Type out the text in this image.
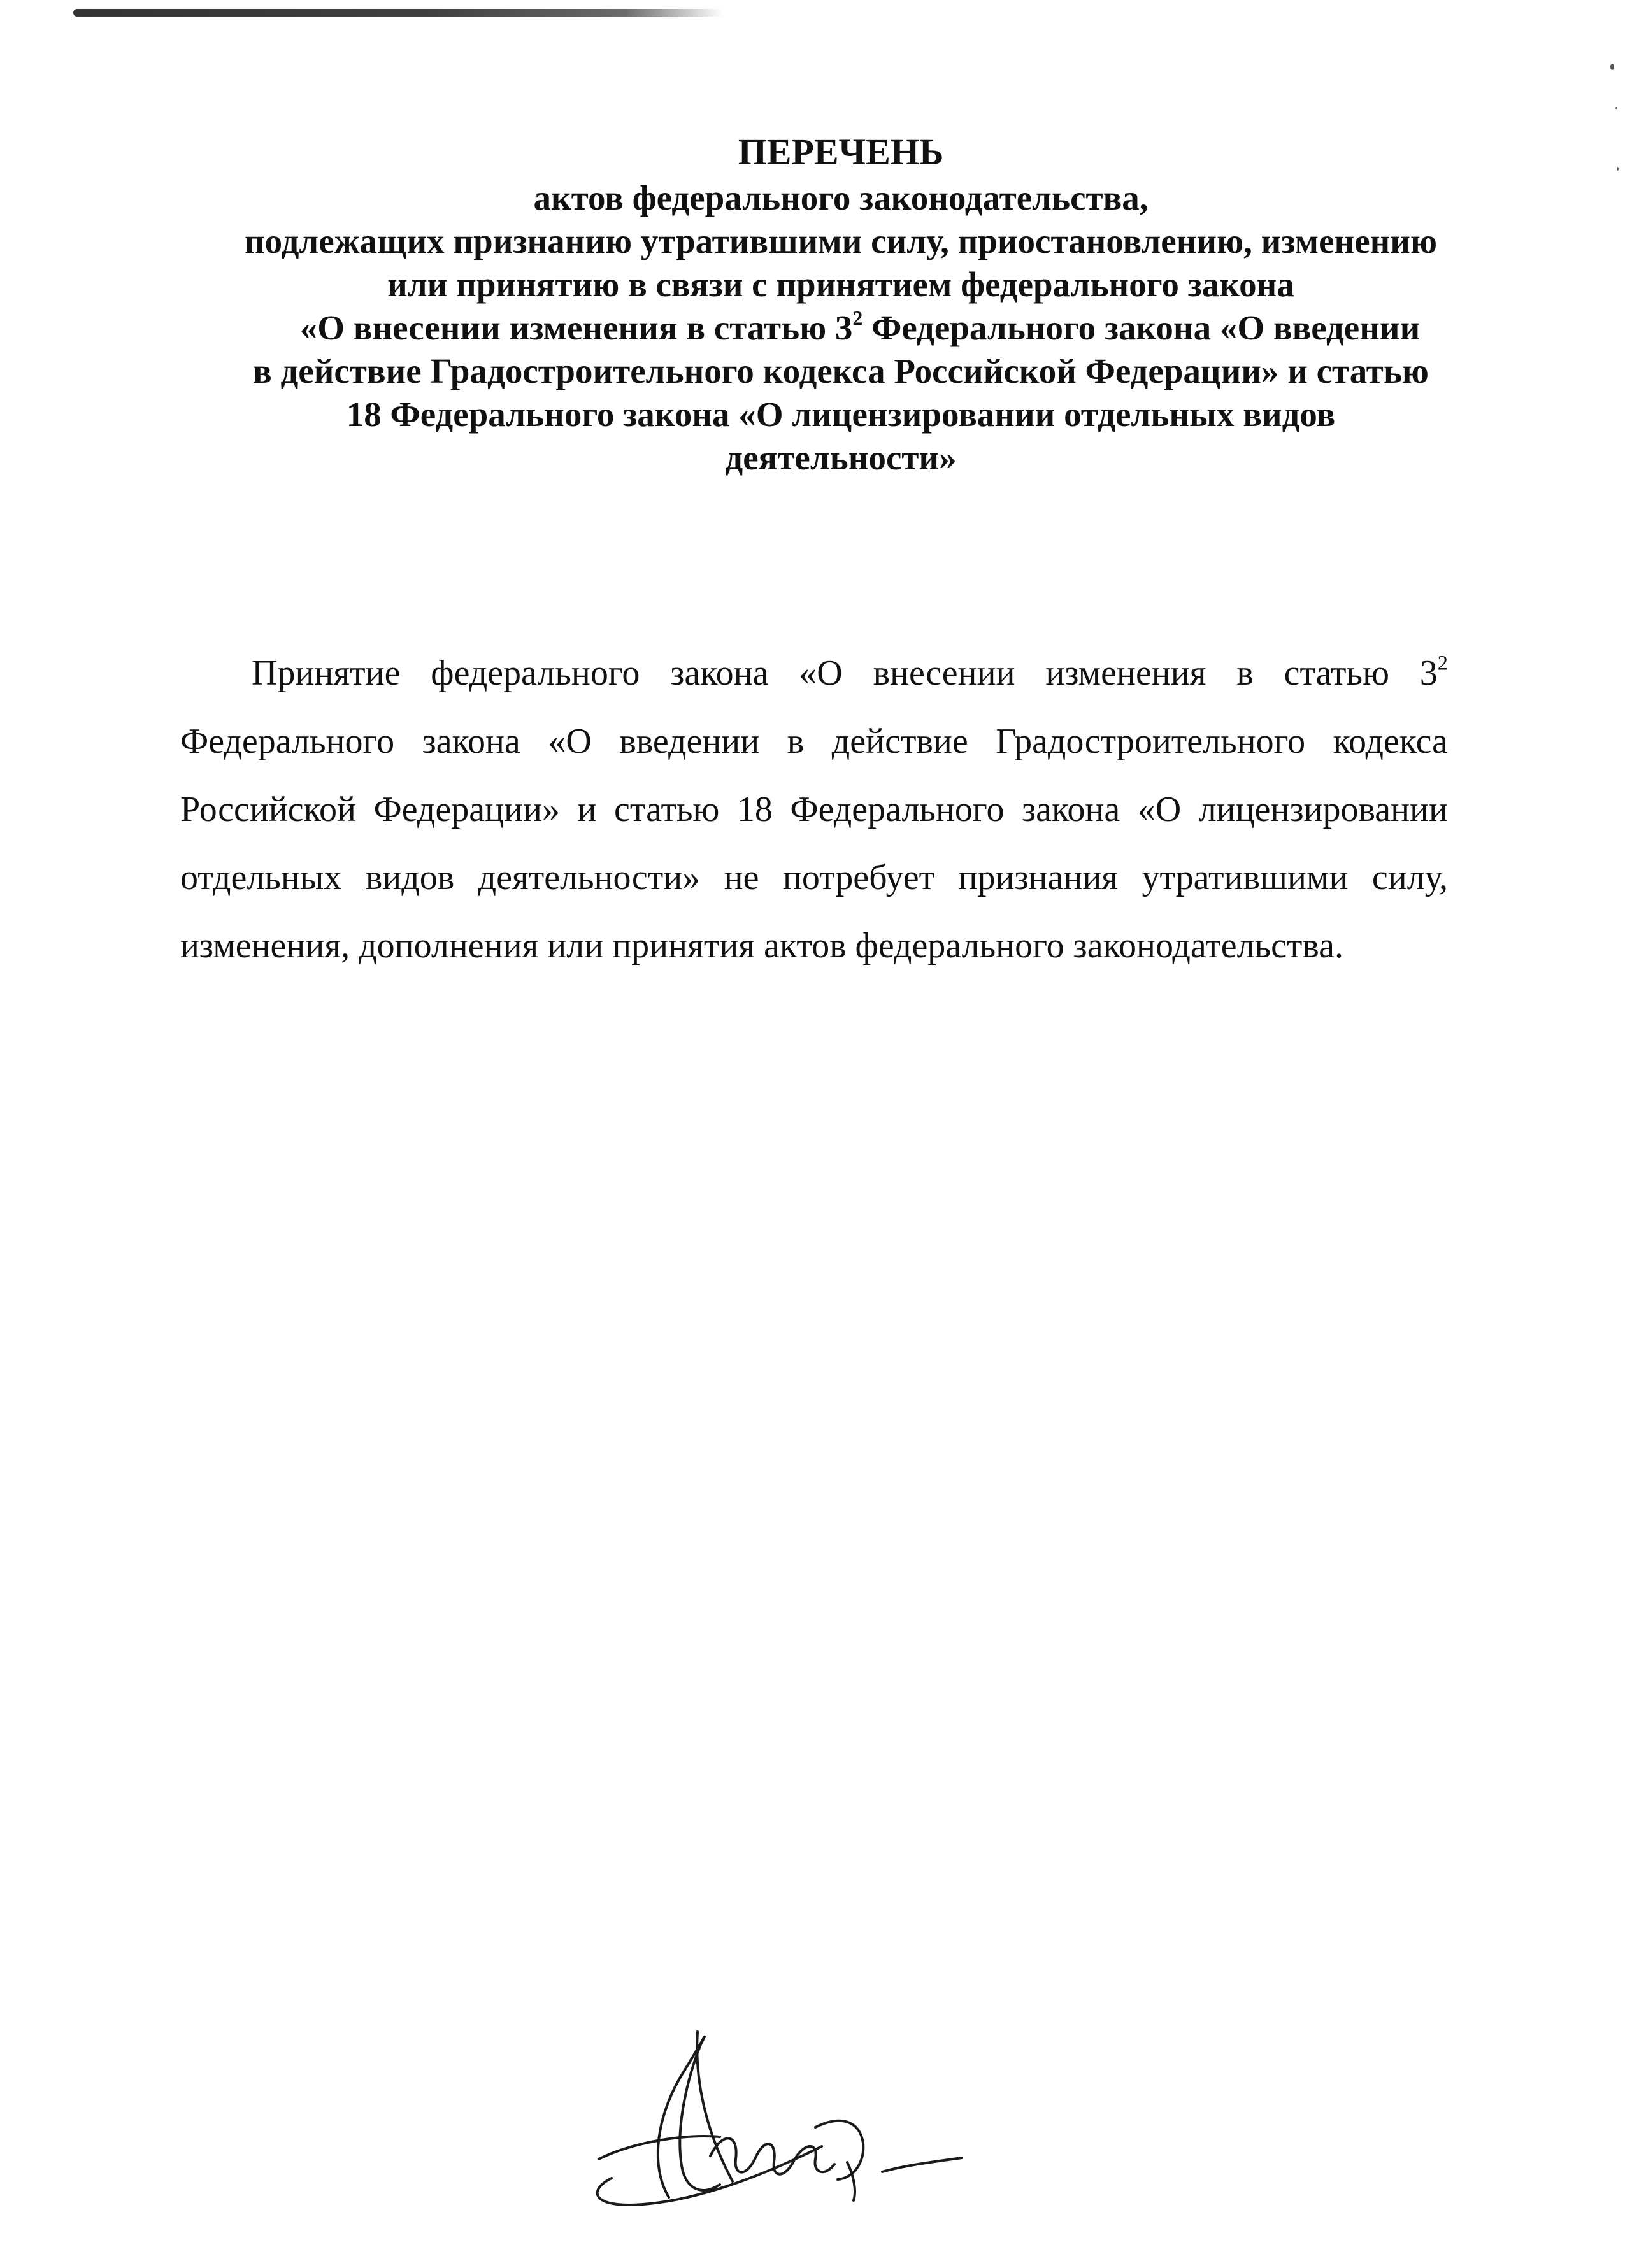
ПЕРЕЧЕНЬ
актов федерального законодательства,
подлежащих признанию утратившими силу, приостановлению, изменению
или принятию в связи с принятием федерального закона
«О внесении изменения в статью $3^2$ Федерального закона «О введении
в действие Градостроительного кодекса Российской Федерации» и статью
18 Федерального закона «О лицензировании отдельных видов
деятельности»

Принятие федерального закона «О внесении изменения в статью $3^2$ Федерального закона «О введении в действие Градостроительного кодекса Российской Федерации» и статью 18 Федерального закона «О лицензировании отдельных видов деятельности» не потребует признания утратившими силу, изменения, дополнения или принятия актов федерального законодательства.
